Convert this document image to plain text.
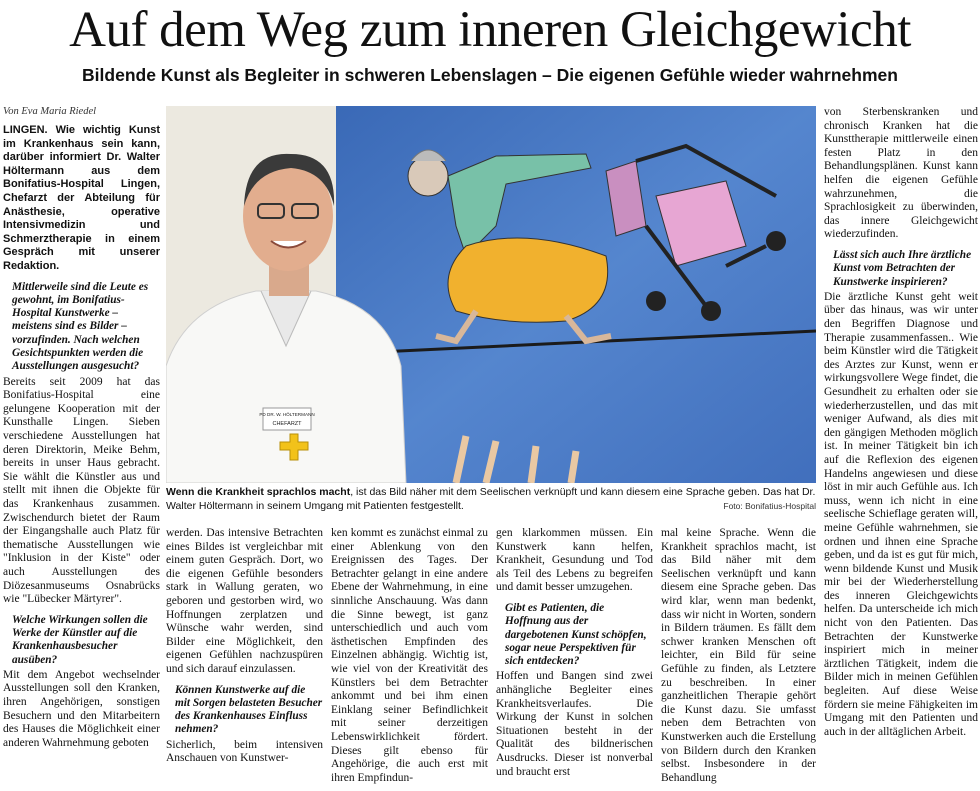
Auf dem Weg zum inneren Gleichgewicht
Bildende Kunst als Begleiter in schweren Lebenslagen – Die eigenen Gefühle wieder wahrnehmen
Von Eva Maria Riedel

LINGEN. Wie wichtig Kunst im Krankenhaus sein kann, darüber informiert Dr. Walter Höltermann aus dem Bonifatius-Hospital Lingen, Chefarzt der Abteilung für Anästhesie, operative Intensivmedizin und Schmerztherapie in einem Gespräch mit unserer Redaktion.

Mittlerweile sind die Leute es gewohnt, im Bonifatius-Hospital Kunstwerke – meistens sind es Bilder – vorzufinden. Nach welchen Gesichtspunkten werden die Ausstellungen ausgesucht?

Bereits seit 2009 hat das Bonifatius-Hospital eine gelungene Kooperation mit der Kunsthalle Lingen. Sieben verschiedene Ausstellungen hat deren Direktorin, Meike Behm, bereits in unser Haus gebracht. Sie wählt die Künstler aus und stellt mit ihnen die Objekte für das Krankenhaus zusammen. Zwischendurch bietet der Raum der Eingangshalle auch Platz für thematische Ausstellungen wie "Inklusion in der Kiste" oder auch Ausstellungen des Diözesanmuseums Osnabrücks wie "Lübecker Märtyrer".

Welche Wirkungen sollen die Werke der Künstler auf die Krankenhausbesucher ausüben?

Mit dem Angebot wechselnder Ausstellungen soll den Kranken, ihren Angehörigen, sonstigen Besuchern und den Mitarbeitern des Hauses die Möglichkeit einer anderen Wahrnehmung geboten

PD DR. W. HÖLTERMANN
CHEFARZT
Wenn die Krankheit sprachlos macht, ist das Bild näher mit dem Seelischen verknüpft und kann diesem eine Sprache geben. Das hat Dr. Walter Höltermann in seinem Umgang mit Patienten festgestellt.	Foto: Bonifatius-Hospital

werden. Das intensive Betrachten eines Bildes ist vergleichbar mit einem guten Gespräch. Dort, wo die eigenen Gefühle besonders stark in Wallung geraten, wo geboren und gestorben wird, wo Hoffnungen zerplatzen und Wünsche wahr werden, sind Bilder eine Möglichkeit, den eigenen Gefühlen nachzuspüren und sich darauf einzulassen.

Können Kunstwerke auf die mit Sorgen belasteten Besucher des Krankenhauses Einfluss nehmen?

Sicherlich, beim intensiven Anschauen von Kunstwer-

ken kommt es zunächst einmal zu einer Ablenkung von den Ereignissen des Tages. Der Betrachter gelangt in eine andere Ebene der Wahrnehmung, in eine sinnliche Anschauung. Was dann die Sinne bewegt, ist ganz unterschiedlich und auch vom ästhetischen Empfinden des Einzelnen abhängig. Wichtig ist, wie viel von der Kreativität des Künstlers bei dem Betrachter ankommt und bei ihm einen Einklang seiner Befindlichkeit mit seiner derzeitigen Lebenswirklichkeit fördert. Dieses gilt ebenso für Angehörige, die auch erst mit ihren Empfindun-

gen klarkommen müssen. Ein Kunstwerk kann helfen, Krankheit, Gesundung und Tod als Teil des Lebens zu begreifen und damit besser umzugehen.

Gibt es Patienten, die Hoffnung aus der dargebotenen Kunst schöpfen, sogar neue Perspektiven für sich entdecken?

Hoffen und Bangen sind zwei anhängliche Begleiter eines Krankheitsverlaufes. Die Wirkung der Kunst in solchen Situationen besteht in der Qualität des bildnerischen Ausdrucks. Dieser ist nonverbal und braucht erst

mal keine Sprache. Wenn die Krankheit sprachlos macht, ist das Bild näher mit dem Seelischen verknüpft und kann diesem eine Sprache geben. Das wird klar, wenn man bedenkt, dass wir nicht in Worten, sondern in Bildern träumen. Es fällt dem schwer kranken Menschen oft leichter, ein Bild für seine Gefühle zu finden, als Letztere zu beschreiben. In einer ganzheitlichen Therapie gehört die Kunst dazu. Sie umfasst neben dem Betrachten von Kunstwerken auch die Erstellung von Bildern durch den Kranken selbst. Insbesondere in der Behandlung

von Sterbenskranken und chronisch Kranken hat die Kunsttherapie mittlerweile einen festen Platz in den Behandlungsplänen. Kunst kann helfen die eigenen Gefühle wahrzunehmen, die Sprachlosigkeit zu überwinden, das innere Gleichgewicht wiederzufinden.

Lässt sich auch Ihre ärztliche Kunst vom Betrachten der Kunstwerke inspirieren?

Die ärztliche Kunst geht weit über das hinaus, was wir unter den Begriffen Diagnose und Therapie zusammenfassen.. Wie beim Künstler wird die Tätigkeit des Arztes zur Kunst, wenn er wirkungsvollere Wege findet, die Gesundheit zu erhalten oder sie wiederherzustellen, und das mit weniger Aufwand, als dies mit den gängigen Methoden möglich ist. In meiner Tätigkeit bin ich auf die Reflexion des eigenen Handelns angewiesen und diese löst in mir auch Gefühle aus. Ich muss, wenn ich nicht in eine seelische Schieflage geraten will, meine Gefühle wahrnehmen, sie ordnen und ihnen eine Sprache geben, und da ist es gut für mich, wenn bildende Kunst und Musik mir bei der Wiederherstellung des inneren Gleichgewichts helfen. Da unterscheide ich mich nicht von den Patienten. Das Betrachten der Kunstwerke inspiriert mich in meiner ärztlichen Tätigkeit, indem die Bilder mich in meinen Gefühlen begleiten. Auf diese Weise fördern sie meine Fähigkeiten im Umgang mit den Patienten und auch in der alltäglichen Arbeit.
